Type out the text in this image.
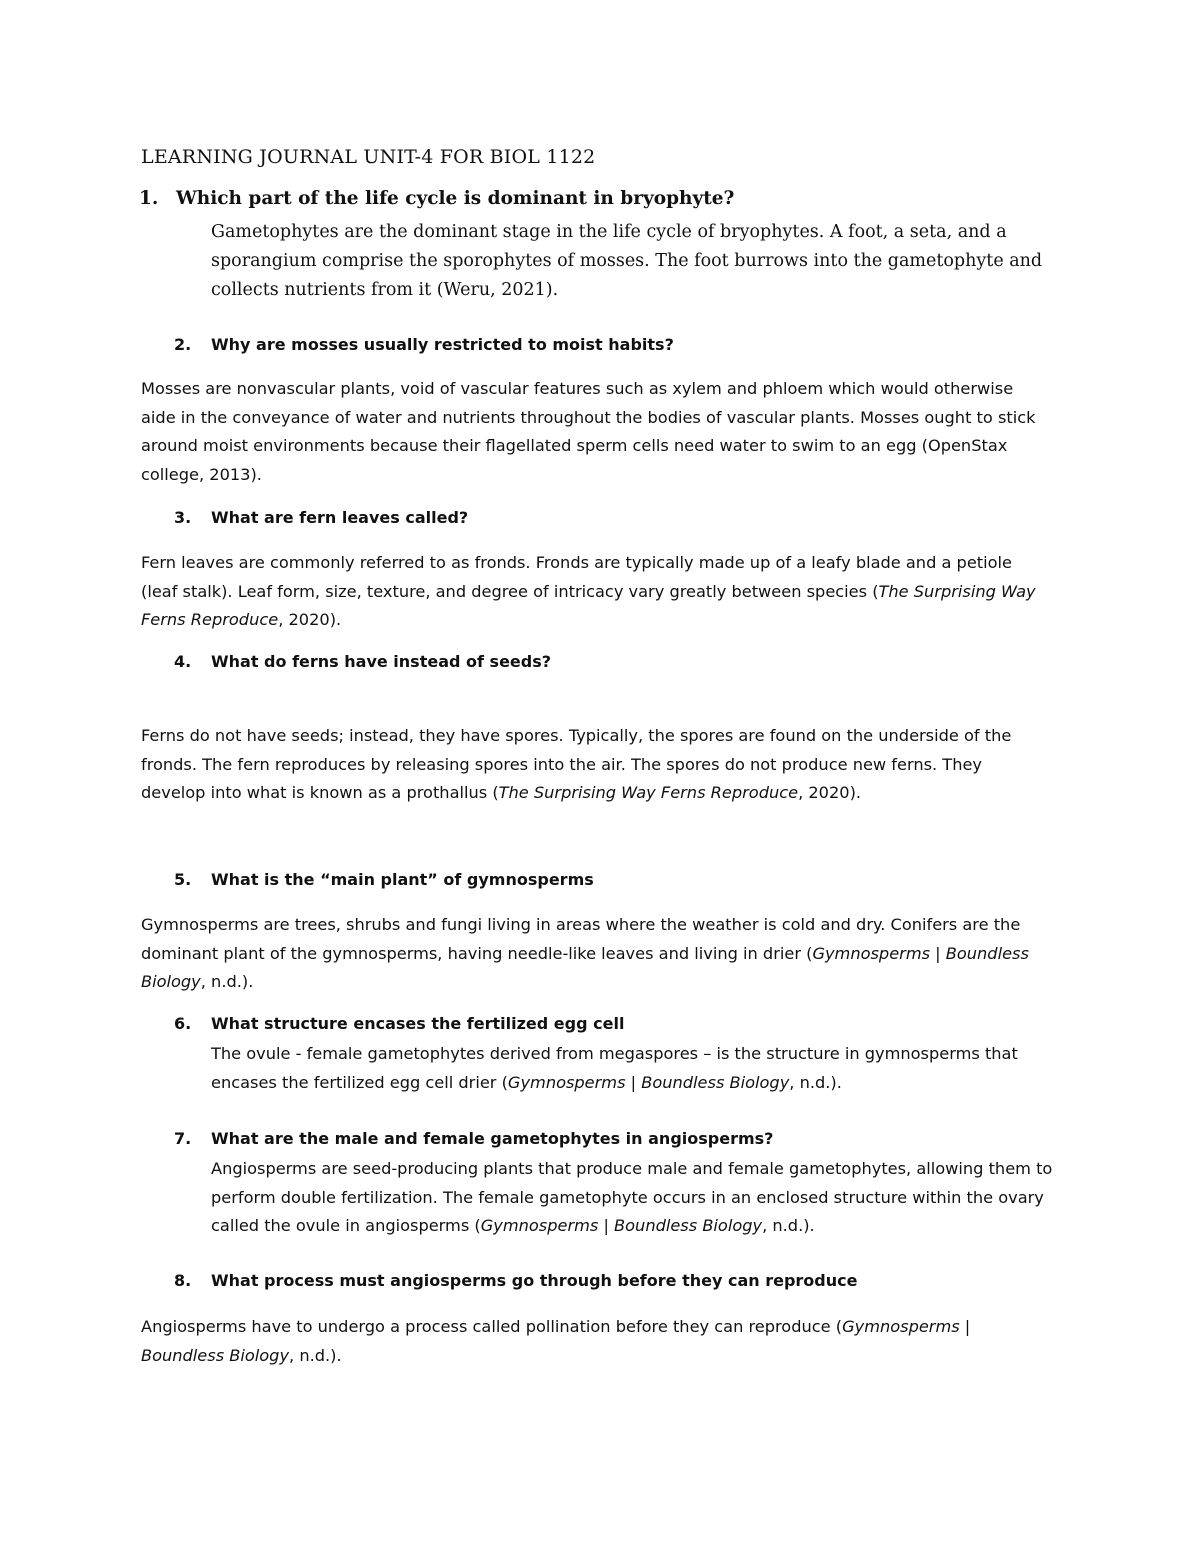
LEARNING JOURNAL UNIT-4 FOR BIOL 1122
1. Which part of the life cycle is dominant in bryophyte?
Gametophytes are the dominant stage in the life cycle of bryophytes. A foot, a seta, and a sporangium comprise the sporophytes of mosses. The foot burrows into the gametophyte and collects nutrients from it (Weru, 2021).
2.	Why are mosses usually restricted to moist habits?
Mosses are nonvascular plants, void of vascular features such as xylem and phloem which would otherwise aide in the conveyance of water and nutrients throughout the bodies of vascular plants. Mosses ought to stick around moist environments because their flagellated sperm cells need water to swim to an egg (OpenStax college, 2013).
3.	What are fern leaves called?
Fern leaves are commonly referred to as fronds. Fronds are typically made up of a leafy blade and a petiole (leaf stalk). Leaf form, size, texture, and degree of intricacy vary greatly between species (The Surprising Way Ferns Reproduce, 2020).
4.	What do ferns have instead of seeds?
Ferns do not have seeds; instead, they have spores. Typically, the spores are found on the underside of the fronds. The fern reproduces by releasing spores into the air. The spores do not produce new ferns. They develop into what is known as a prothallus (The Surprising Way Ferns Reproduce, 2020).
5.	What is the “main plant” of gymnosperms
Gymnosperms are trees, shrubs and fungi living in areas where the weather is cold and dry. Conifers are the dominant plant of the gymnosperms, having needle-like leaves and living in drier (Gymnosperms | Boundless Biology, n.d.).
6.	What structure encases the fertilized egg cell
The ovule - female gametophytes derived from megaspores – is the structure in gymnosperms that encases the fertilized egg cell drier (Gymnosperms | Boundless Biology, n.d.).
7.	What are the male and female gametophytes in angiosperms?
Angiosperms are seed-producing plants that produce male and female gametophytes, allowing them to perform double fertilization. The female gametophyte occurs in an enclosed structure within the ovary called the ovule in angiosperms (Gymnosperms | Boundless Biology, n.d.).
8.	What process must angiosperms go through before they can reproduce
Angiosperms have to undergo a process called pollination before they can reproduce (Gymnosperms | Boundless Biology, n.d.).
